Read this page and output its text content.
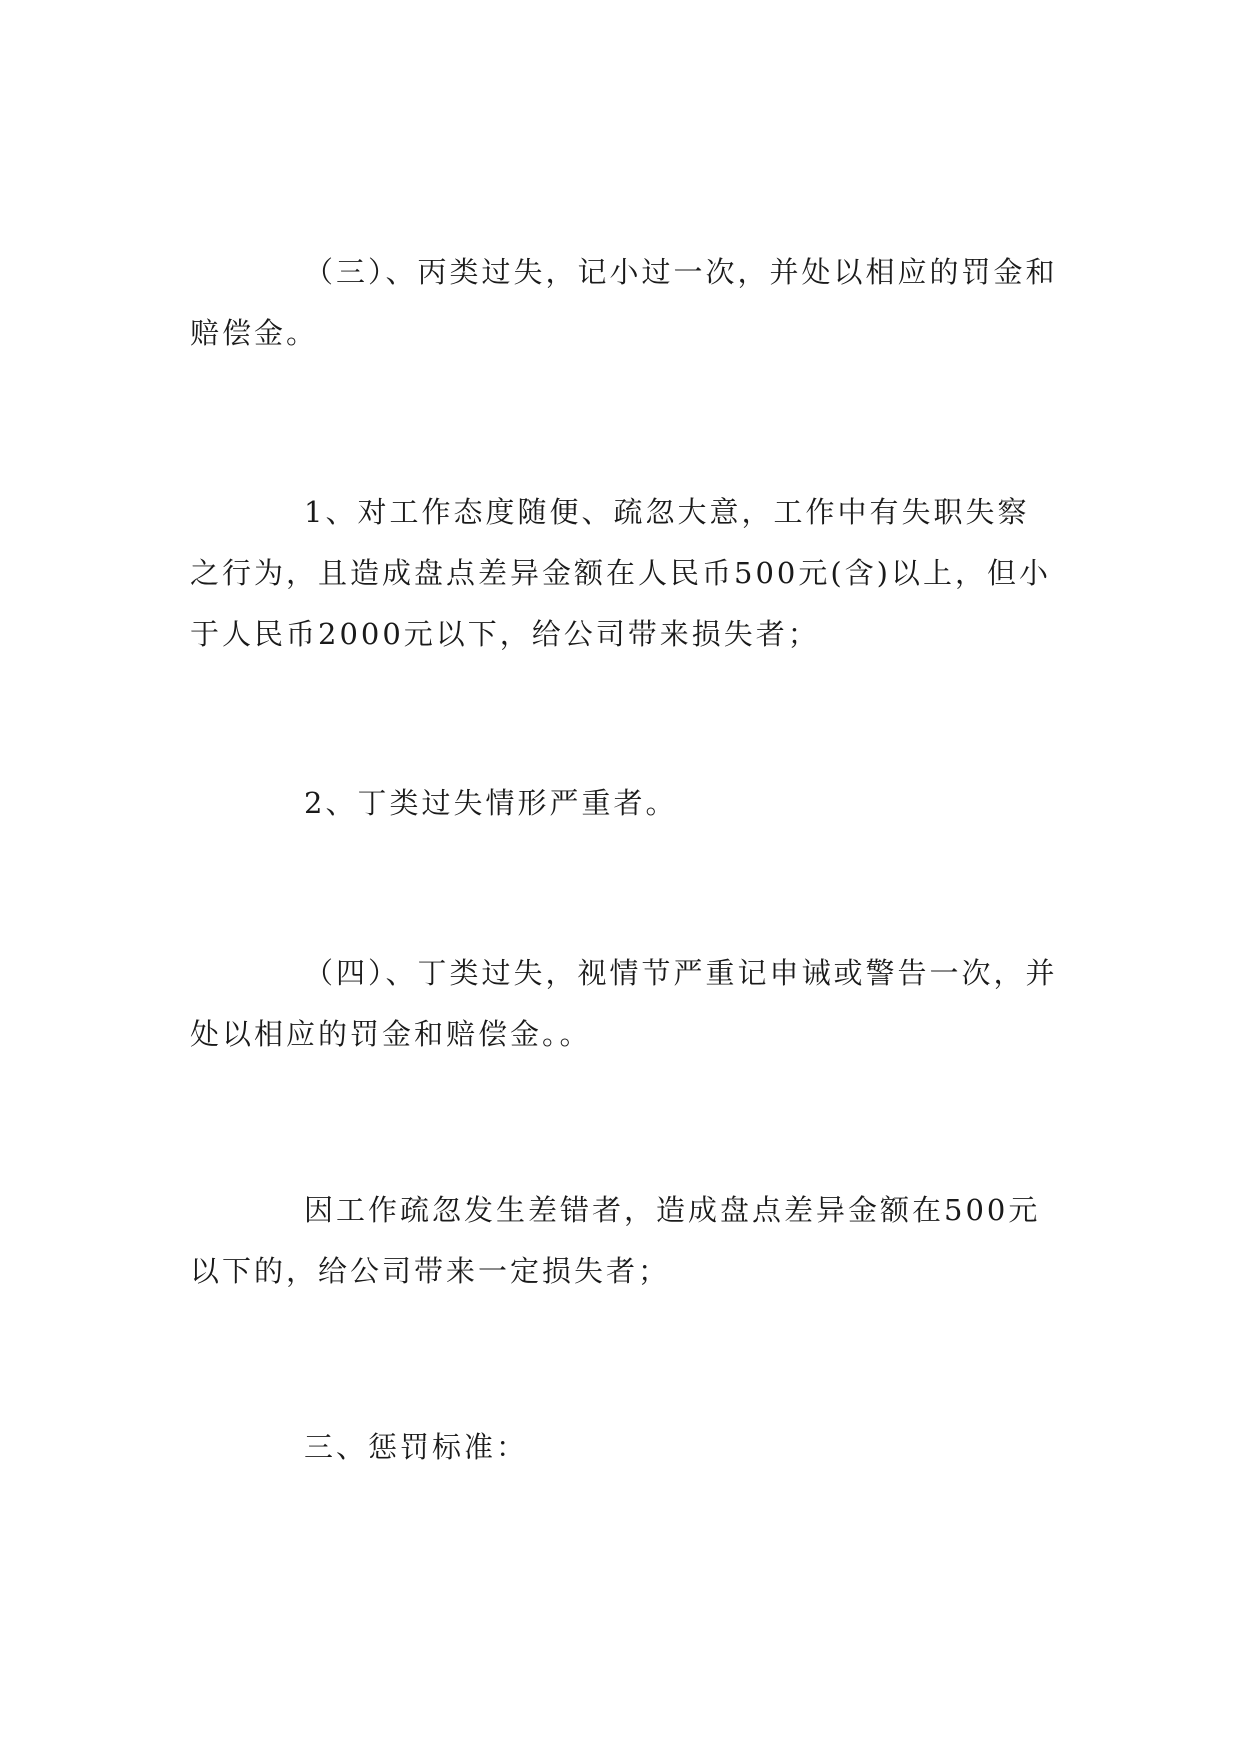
（三）、丙类过失，记小过一次，并处以相应的罚金和赔偿金。

1、对工作态度随便、疏忽大意，工作中有失职失察之行为，且造成盘点差异金额在人民币500元(含)以上，但小于人民币2000元以下，给公司带来损失者；

2、丁类过失情形严重者。

（四）、丁类过失，视情节严重记申诫或警告一次，并处以相应的罚金和赔偿金。。

因工作疏忽发生差错者，造成盘点差异金额在500元以下的，给公司带来一定损失者；

三、惩罚标准：
